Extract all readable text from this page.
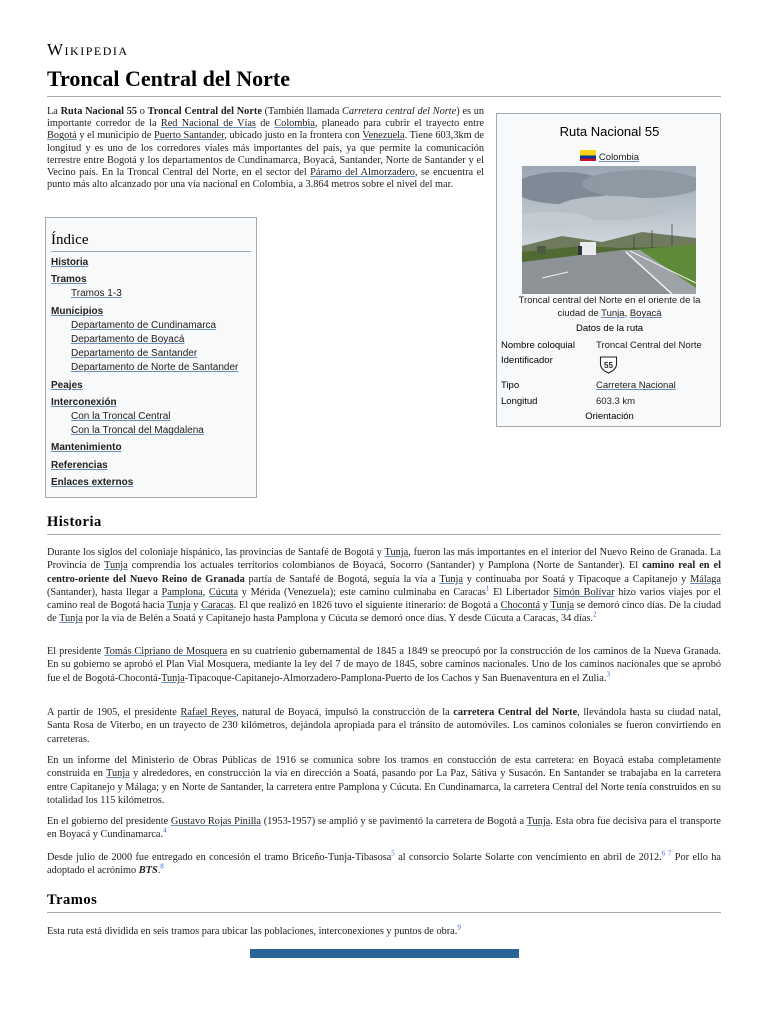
Wikipedia
Troncal Central del Norte

La Ruta Nacional 55 o Troncal Central del Norte (También llamada Carretera central del Norte) es un importante corredor de la Red Nacional de Vías de Colombia, planeado para cubrir el trayecto entre Bogotá y el municipio de Puerto Santander, ubicado justo en la frontera con Venezuela. Tiene 603,3km de longitud y es uno de los corredores viales más importantes del país, ya que permite la comunicación terrestre entre Bogotá y los departamentos de Cundinamarca, Boyacá, Santander, Norte de Santander y el Vecino país. En la Troncal Central del Norte, en el sector del Páramo del Almorzadero, se encuentra el punto más alto alcanzado por una vía nacional en Colombia, a 3.864 metros sobre el nivel del mar.

Ruta Nacional 55
Colombia
Troncal central del Norte en el oriente de la ciudad de Tunja, Boyacá
Datos de la ruta
Nombre coloquial Troncal Central del Norte
Identificador	55
Tipo	Carretera Nacional
Longitud	603.3 km
Orientación
Índice
Historia
Tramos
Tramos 1-3
Municipios
Departamento de Cundinamarca
Departamento de Boyacá
Departamento de Santander
Departamento de Norte de Santander
Peajes
Interconexión
Con la Troncal Central
Con la Troncal del Magdalena
Mantenimiento
Referencias
Enlaces externos
Historia

Durante los siglos del coloniaje hispánico, las provincias de Santafé de Bogotá y Tunja, fueron las más importantes en el interior del Nuevo Reino de Granada. La Provincia de Tunja comprendía los actuales territorios colombianos de Boyacá, Socorro (Santander) y Pamplona (Norte de Santander). El camino real en el centro-oriente del Nuevo Reino de Granada partía de Santafé de Bogotá, seguía la vía a Tunja y continuaba por Soatá y Tipacoque a Capitanejo y Málaga (Santander), hasta llegar a Pamplona, Cúcuta y Mérida (Venezuela); este camino culminaba en Caracas$^1$ El Libertador Simón Bolívar hizo varios viajes por el camino real de Bogotá hacia Tunja y Caracas. El que realizó en 1826 tuvo el siguiente itinerario: de Bogotá a Chocontá y Tunja se demoró cinco días. De la ciudad de Tunja por la vía de Belén a Soatá y Capitanejo hasta Pamplona y Cúcuta se demoró once días. Y desde Cúcuta a Caracas, 34 días.$^2$

El presidente Tomás Cipriano de Mosquera en su cuatrienio gubernamental de 1845 a 1849 se preocupó por la construcción de los caminos de la Nueva Granada. En su gobierno se aprobó el Plan Vial Mosquera, mediante la ley del 7 de mayo de 1845, sobre caminos nacionales. Uno de los caminos nacionales que se aprobó fue el de Bogotá-Chocontá-Tunja-Tipacoque-Capitanejo-Almorzadero-Pamplona-Puerto de los Cachos y San Buenaventura en el Zulia.$^3$

A partir de 1905, el presidente Rafael Reyes, natural de Boyacá, impulsó la construcción de la carretera Central del Norte, llevándola hasta su ciudad natal, Santa Rosa de Viterbo, en un trayecto de 230 kilómetros, dejándola apropiada para el tránsito de automóviles. Los caminos coloniales se fueron convirtiendo en carreteras.

En un informe del Ministerio de Obras Públicas de 1916 se comunica sobre los tramos en constucción de esta carretera: en Boyacá estaba completamente construida en Tunja y alrededores, en construcción la vía en dirección a Soatá, pasando por La Paz, Sátiva y Susacón. En Santander se trabajaba en la carretera entre Capitanejo y Málaga; y en Norte de Santander, la carretera entre Pamplona y Cúcuta. En Cundinamarca, la carretera Central del Norte tenía construidos en su totalidad los 115 kilómetros.

En el gobierno del presidente Gustavo Rojas Pinilla (1953-1957) se amplió y se pavimentó la carretera de Bogotá a Tunja. Esta obra fue decisiva para el transporte en Boyacá y Cundinamarca.$^4$

Desde julio de 2000 fue entregado en concesión el tramo Briceño-Tunja-Tibasosa$^5$ al consorcio Solarte Solarte con vencimiento en abril de 2012.$^{6 7}$ Por ello ha adoptado el acrónimo BTS.$^8$

Tramos

Esta ruta está dividida en seis tramos para ubicar las poblaciones, interconexiones y puntos de obra.$^9$
